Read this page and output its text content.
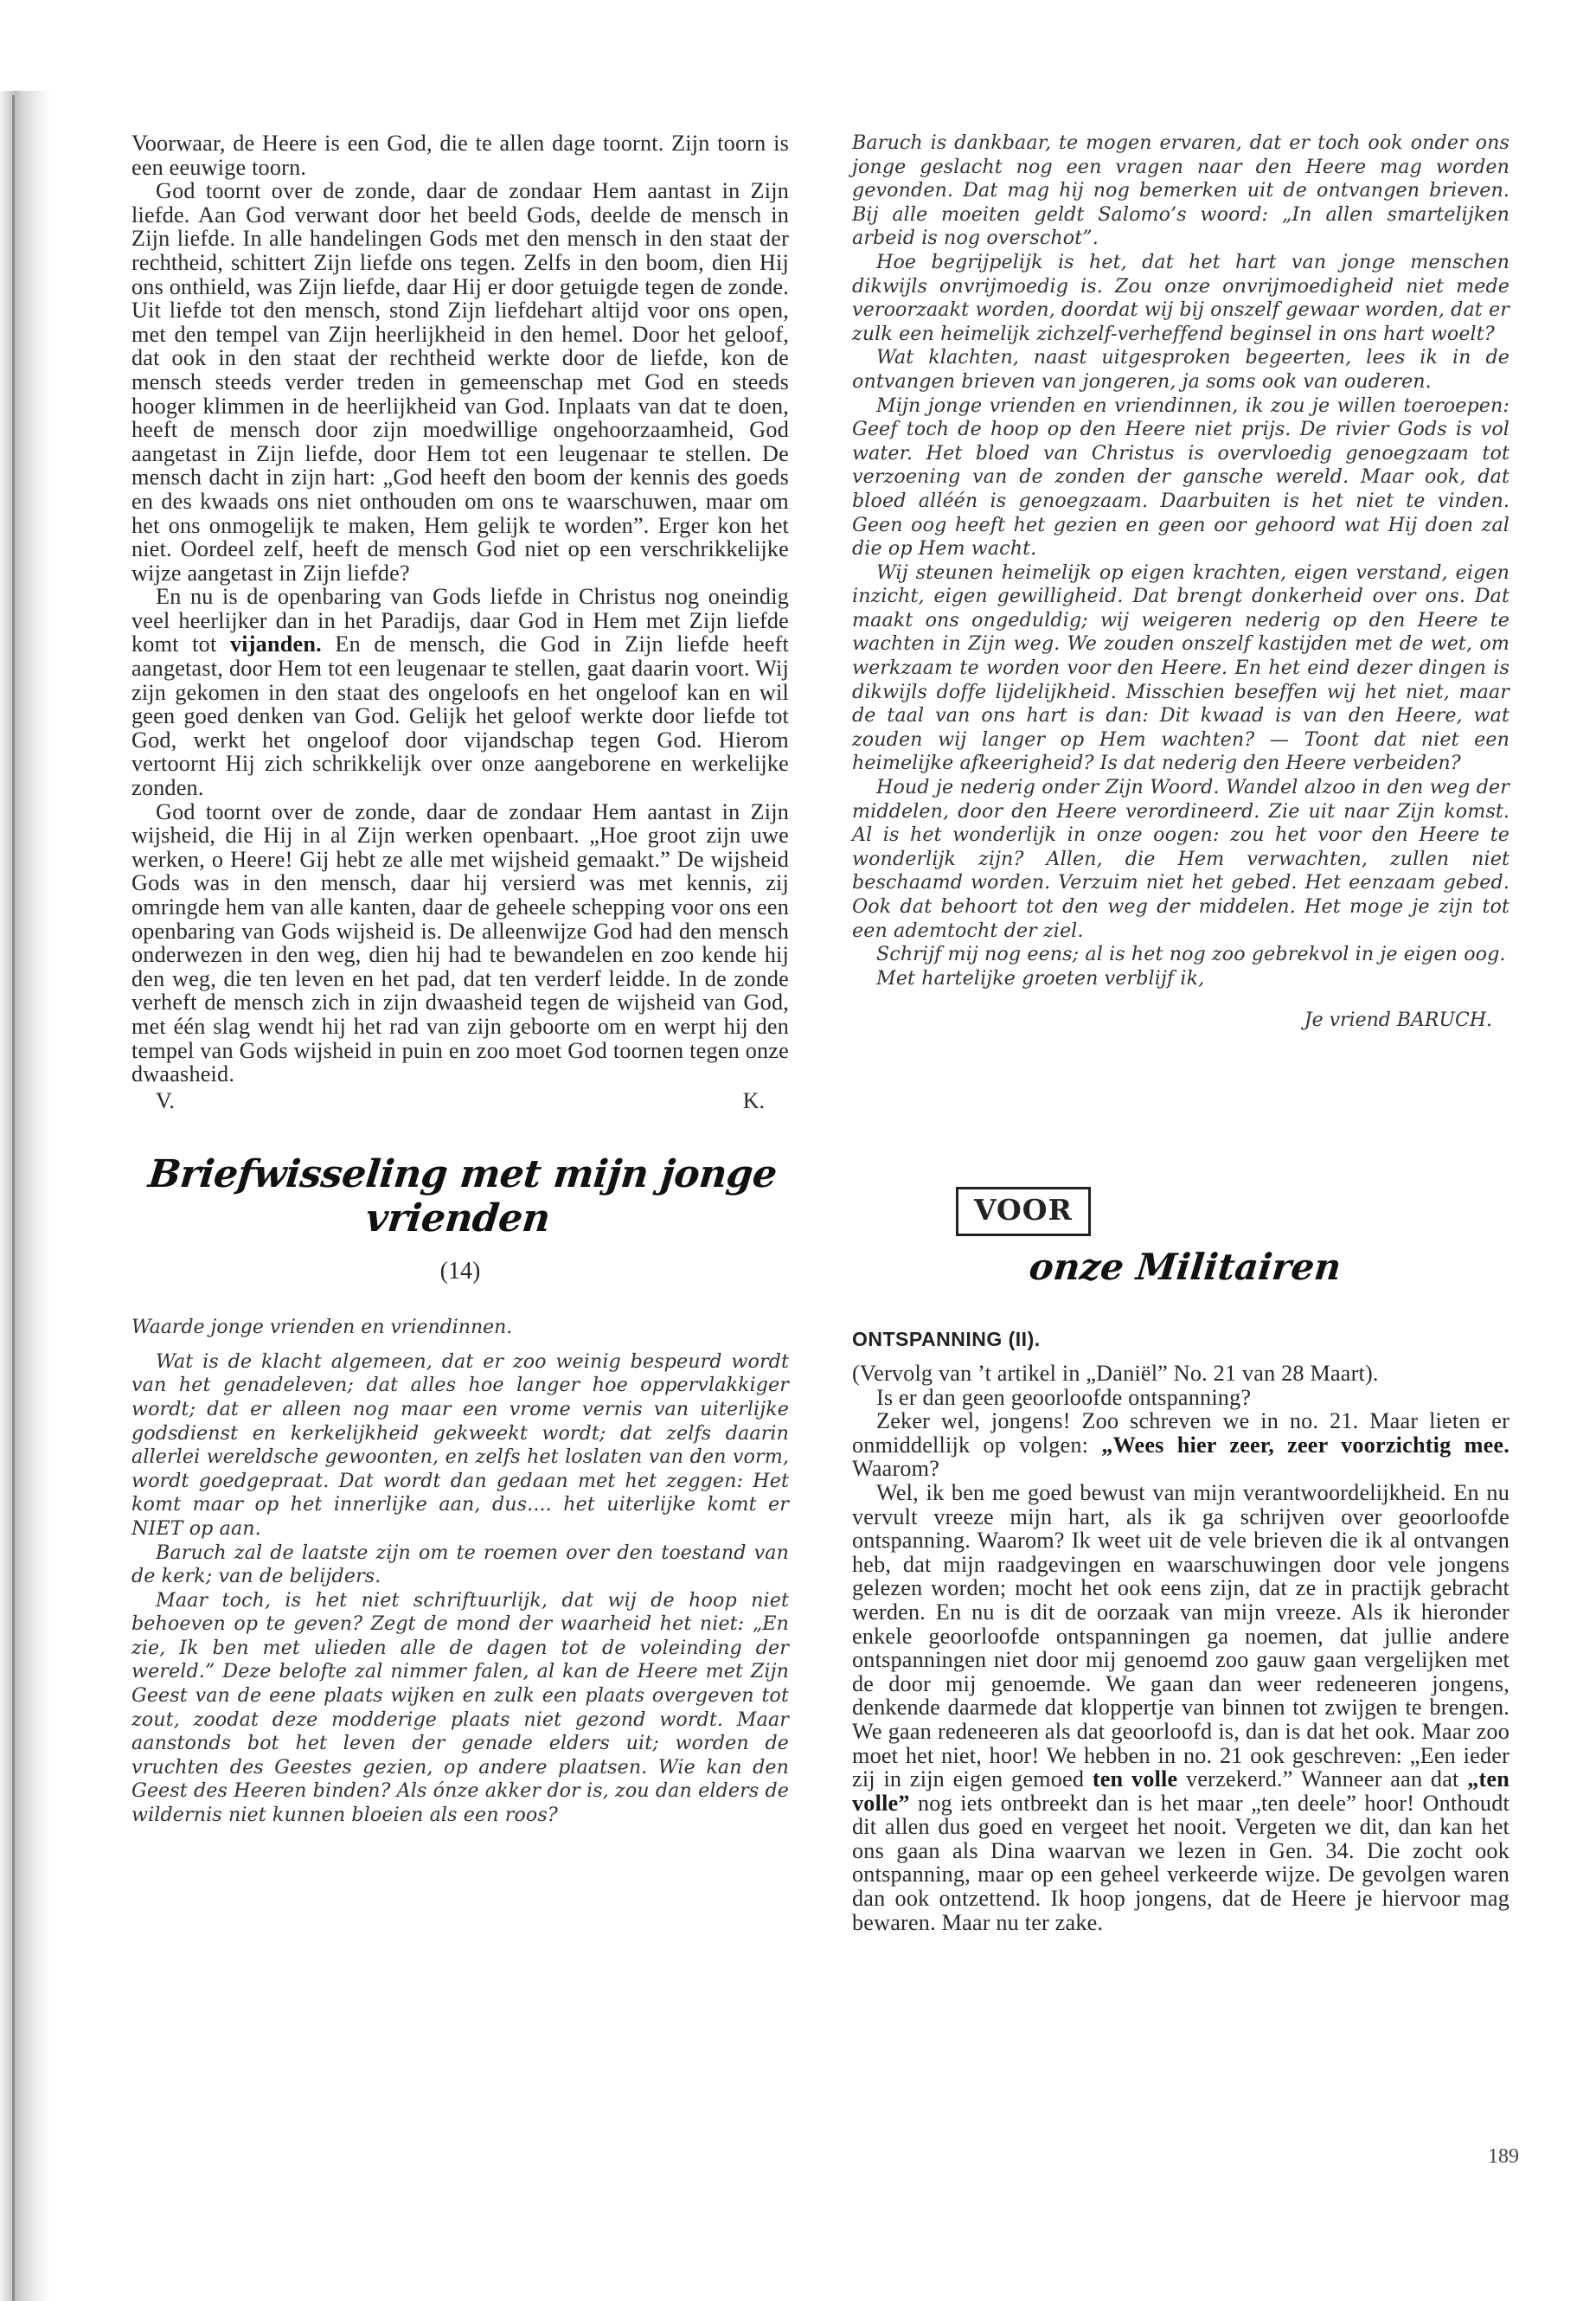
Voorwaar, de Heere is een God, die te allen dage toornt. Zijn toorn is een eeuwige toorn.

God toornt over de zonde, daar de zondaar Hem aantast in Zijn liefde. Aan God verwant door het beeld Gods, deelde de mensch in Zijn liefde. In alle handelingen Gods met den mensch in den staat der rechtheid, schittert Zijn liefde ons tegen. Zelfs in den boom, dien Hij ons onthield, was Zijn liefde, daar Hij er door getuigde tegen de zonde. Uit liefde tot den mensch, stond Zijn liefdehart altijd voor ons open, met den tempel van Zijn heerlijkheid in den hemel. Door het geloof, dat ook in den staat der rechtheid werkte door de liefde, kon de mensch steeds verder treden in gemeenschap met God en steeds hooger klimmen in de heerlijkheid van God. Inplaats van dat te doen, heeft de mensch door zijn moedwillige ongehoorzaamheid, God aangetast in Zijn liefde, door Hem tot een leugenaar te stellen. De mensch dacht in zijn hart: „God heeft den boom der kennis des goeds en des kwaads ons niet onthouden om ons te waarschuwen, maar om het ons onmogelijk te maken, Hem gelijk te worden”. Erger kon het niet. Oordeel zelf, heeft de mensch God niet op een verschrikkelijke wijze aangetast in Zijn liefde?

En nu is de openbaring van Gods liefde in Christus nog oneindig veel heerlijker dan in het Paradijs, daar God in Hem met Zijn liefde komt tot vijanden. En de mensch, die God in Zijn liefde heeft aangetast, door Hem tot een leugenaar te stellen, gaat daarin voort. Wij zijn gekomen in den staat des ongeloofs en het ongeloof kan en wil geen goed denken van God. Gelijk het geloof werkte door liefde tot God, werkt het ongeloof door vijandschap tegen God. Hierom vertoornt Hij zich schrikkelijk over onze aangeborene en werkelijke zonden.

God toornt over de zonde, daar de zondaar Hem aantast in Zijn wijsheid, die Hij in al Zijn werken openbaart. „Hoe groot zijn uwe werken, o Heere! Gij hebt ze alle met wijsheid gemaakt.” De wijsheid Gods was in den mensch, daar hij versierd was met kennis, zij omringde hem van alle kanten, daar de geheele schepping voor ons een openbaring van Gods wijsheid is. De alleenwijze God had den mensch onderwezen in den weg, dien hij had te bewandelen en zoo kende hij den weg, die ten leven en het pad, dat ten verderf leidde. In de zonde verheft de mensch zich in zijn dwaasheid tegen de wijsheid van God, met één slag wendt hij het rad van zijn geboorte om en werpt hij den tempel van Gods wijsheid in puin en zoo moet God toornen tegen onze dwaasheid.

V.	K.
Briefwisseling met mijn jonge vrienden
(14)
Waarde jonge vrienden en vriendinnen.

Wat is de klacht algemeen, dat er zoo weinig bespeurd wordt van het genadeleven; dat alles hoe langer hoe oppervlakkiger wordt; dat er alleen nog maar een vrome vernis van uiterlijke godsdienst en kerkelijkheid gekweekt wordt; dat zelfs daarin allerlei wereldsche gewoonten, en zelfs het loslaten van den vorm, wordt goedgepraat. Dat wordt dan gedaan met het zeggen: Het komt maar op het innerlijke aan, dus.... het uiterlijke komt er NIET op aan.

Baruch zal de laatste zijn om te roemen over den toestand van de kerk; van de belijders.

Maar toch, is het niet schriftuurlijk, dat wij de hoop niet behoeven op te geven? Zegt de mond der waarheid het niet: „En zie, Ik ben met ulieden alle de dagen tot de voleinding der wereld.” Deze belofte zal nimmer falen, al kan de Heere met Zijn Geest van de eene plaats wijken en zulk een plaats overgeven tot zout, zoodat deze modderige plaats niet gezond wordt. Maar aanstonds bot het leven der genade elders uit; worden de vruchten des Geestes gezien, op andere plaatsen. Wie kan den Geest des Heeren binden? Als ónze akker dor is, zou dan elders de wildernis niet kunnen bloeien als een roos?

Baruch is dankbaar, te mogen ervaren, dat er toch ook onder ons jonge geslacht nog een vragen naar den Heere mag worden gevonden. Dat mag hij nog bemerken uit de ontvangen brieven. Bij alle moeiten geldt Salomo’s woord: „In allen smartelijken arbeid is nog overschot”.

Hoe begrijpelijk is het, dat het hart van jonge menschen dikwijls onvrijmoedig is. Zou onze onvrijmoedigheid niet mede veroorzaakt worden, doordat wij bij onszelf gewaar worden, dat er zulk een heimelijk zichzelf-verheffend beginsel in ons hart woelt?

Wat klachten, naast uitgesproken begeerten, lees ik in de ontvangen brieven van jongeren, ja soms ook van ouderen.

Mijn jonge vrienden en vriendinnen, ik zou je willen toeroepen: Geef toch de hoop op den Heere niet prijs. De rivier Gods is vol water. Het bloed van Christus is overvloedig genoegzaam tot verzoening van de zonden der gansche wereld. Maar ook, dat bloed alléén is genoegzaam. Daarbuiten is het niet te vinden. Geen oog heeft het gezien en geen oor gehoord wat Hij doen zal die op Hem wacht.

Wij steunen heimelijk op eigen krachten, eigen verstand, eigen inzicht, eigen gewilligheid. Dat brengt donkerheid over ons. Dat maakt ons ongeduldig; wij weigeren nederig op den Heere te wachten in Zijn weg. We zouden onszelf kastijden met de wet, om werkzaam te worden voor den Heere. En het eind dezer dingen is dikwijls doffe lijdelijkheid. Misschien beseffen wij het niet, maar de taal van ons hart is dan: Dit kwaad is van den Heere, wat zouden wij langer op Hem wachten? — Toont dat niet een heimelijke afkeerigheid? Is dat nederig den Heere verbeiden?

Houd je nederig onder Zijn Woord. Wandel alzoo in den weg der middelen, door den Heere verordineerd. Zie uit naar Zijn komst. Al is het wonderlijk in onze oogen: zou het voor den Heere te wonderlijk zijn? Allen, die Hem verwachten, zullen niet beschaamd worden. Verzuim niet het gebed. Het eenzaam gebed. Ook dat behoort tot den weg der middelen. Het moge je zijn tot een ademtocht der ziel.

Schrijf mij nog eens; al is het nog zoo gebrekvol in je eigen oog.

Met hartelijke groeten verblijf ik,

Je vriend BARUCH.
VOOR
onze Militairen
ONTSPANNING (II).

(Vervolg van ’t artikel in „Daniël” No. 21 van 28 Maart).

Is er dan geen geoorloofde ontspanning?

Zeker wel, jongens! Zoo schreven we in no. 21. Maar lieten er onmiddellijk op volgen: „Wees hier zeer, zeer voorzichtig mee. Waarom?

Wel, ik ben me goed bewust van mijn verantwoordelijkheid. En nu vervult vreeze mijn hart, als ik ga schrijven over geoorloofde ontspanning. Waarom? Ik weet uit de vele brieven die ik al ontvangen heb, dat mijn raadgevingen en waarschuwingen door vele jongens gelezen worden; mocht het ook eens zijn, dat ze in practijk gebracht werden. En nu is dit de oorzaak van mijn vreeze. Als ik hieronder enkele geoorloofde ontspanningen ga noemen, dat jullie andere ontspanningen niet door mij genoemd zoo gauw gaan vergelijken met de door mij genoemde. We gaan dan weer redeneeren jongens, denkende daarmede dat kloppertje van binnen tot zwijgen te brengen. We gaan redeneeren als dat geoorloofd is, dan is dat het ook. Maar zoo moet het niet, hoor! We hebben in no. 21 ook geschreven: „Een ieder zij in zijn eigen gemoed ten volle verzekerd.” Wanneer aan dat „ten volle” nog iets ontbreekt dan is het maar „ten deele” hoor! Onthoudt dit allen dus goed en vergeet het nooit. Vergeten we dit, dan kan het ons gaan als Dina waarvan we lezen in Gen. 34. Die zocht ook ontspanning, maar op een geheel verkeerde wijze. De gevolgen waren dan ook ontzettend. Ik hoop jongens, dat de Heere je hiervoor mag bewaren. Maar nu ter zake.

189
